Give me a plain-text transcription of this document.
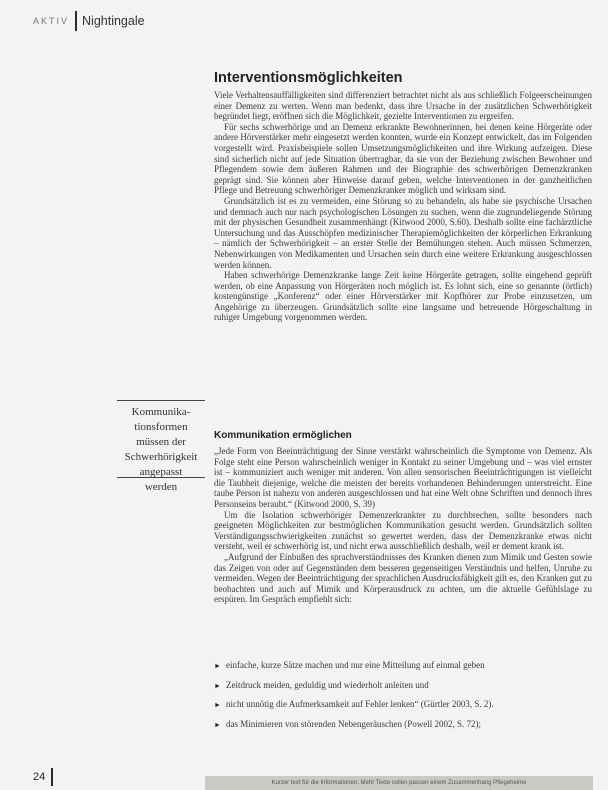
AKTIV Nightingale
Interventionsmöglichkeiten

Viele Verhaltensauffälligkeiten sind differenziert betrachtet nicht als aus schließlich Folgeerscheinungen einer Demenz zu werten. Wenn man bedenkt, dass ihre Ursache in der zusätzlichen Schwerhörigkeit begründet liegt, eröffnen sich die Möglichkeit, gezielte Interventionen zu ergreifen.

Für sechs schwerhörige und an Demenz erkrankte Bewohnerinnen, bei denen keine Hörgeräte oder andere Hörverstärker mehr eingesetzt werden konnten, wurde ein Konzept entwickelt, das im Folgenden vorgestellt wird. Praxisbeispiele sollen Umsetzungsmöglichkeiten und ihre Wirkung aufzeigen. Diese sind sicherlich nicht auf jede Situation übertragbar, da sie von der Beziehung zwischen Bewohner und Pflegendem sowie dem äußeren Rahmen und der Biographie des schwerhörigen Demenzkranken geprägt sind. Sie können aber Hinweise darauf geben, welche Interventionen in der ganzheitlichen Pflege und Betreuung schwerhöriger Demenzkranker möglich und wirksam sind.

Grundsätzlich ist es zu vermeiden, eine Störung so zu behandeln, als habe sie psychische Ursachen und demnach auch nur nach psychologischen Lösungen zu suchen, wenn die zugrundeliegende Störung mit der physischen Gesundheit zusammenhängt (Kitwood 2000, S.60). Deshalb sollte eine fachärztliche Untersuchung und das Ausschöpfen medizinischer Therapiemöglichkeiten der körperlichen Erkrankung – nämlich der Schwerhörigkeit – an erster Stelle der Bemühungen stehen. Auch müssen Schmerzen, Nebenwirkungen von Medikamenten und Ursachen sein durch eine weitere Erkrankung ausgeschlossen werden können.

Haben schwerhörige Demenzkranke lange Zeit keine Hörgeräte getragen, sollte eingehend geprüft werden, ob eine Anpassung von Hörgeräten noch möglich ist. Es lohnt sich, eine so genannte (örtlich) kostengünstige „Konferenz“ oder einer Hörverstärker mit Kopfhörer zur Probe einzusetzen, um Angehörige zu überzeugen. Grundsätzlich sollte eine langsame und betreuende Hörgeschaltung in ruhiger Umgebung vorgenommen werden.

Kommunika-
tionsformen
müssen der
Schwerhörigkeit
angepasst
werden
Kommunikation ermöglichen

„Jede Form von Beeinträchtigung der Sinne verstärkt wahrscheinlich die Symptome von Demenz. Als Folge steht eine Person wahrscheinlich weniger in Kontakt zu seiner Umgebung und – was viel ernster ist – kommuniziert auch weniger mit anderen. Von allen sensorischen Beeinträchtigungen ist vielleicht die Taubheit diejenige, welche die meisten der bereits vorhandenen Behinderungen unterstreicht. Eine taube Person ist nahezu von anderen ausgeschlossen und hat eine Welt ohne Schriften und dennoch ihres Personseins beraubt.“ (Kitwood 2000, S. 39)

Um die Isolation schwerhöriger Demenzerkrankter zu durchbrechen, sollte besonders nach geeigneten Möglichkeiten zur bestmöglichen Kommunikation gesucht werden. Grundsätzlich sollten Verständigungsschwierigkeiten zunächst so gewertet werden, dass der Demenzkranke etwas nicht versteht, weil er schwerhörig ist, und nicht erwa ausschließlich deshalb, weil er dement krank ist.

„Aufgrund der Einbußen des sprachverständnisses des Kranken dienen zum Mimik und Gesten sowie das Zeigen von oder auf Gegenständen dem besseren gegenseitigen Verständnis und helfen, Unruhe zu vermeiden. Wegen der Beeinträchtigung der sprachlichen Ausdrucksfähigkeit gilt es, den Kranken gut zu beobachten und auch auf Mimik und Körperausdruck zu achten, um die aktuelle Gefühlslage zu erspüren. Im Gespräch empfiehlt sich:

► einfache, kurze Sätze machen und nur eine Mitteilung auf einmal geben
► Zeitdruck meiden, geduldig und wiederholt anleiten und
► nicht unnötig die Aufmerksamkeit auf Fehler lenken“ (Gürtler 2003, S. 2).
► das Minimieren von störenden Nebengeräuschen (Powell 2002, S. 72);
24	Kurzer text für die Informationen. Mehr Texte sollen passen einem Zusammenhang Pflegeheime
